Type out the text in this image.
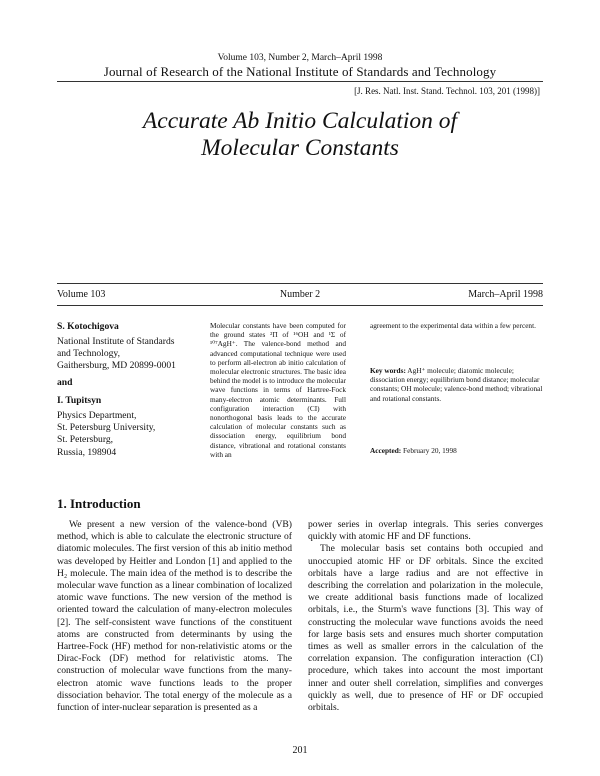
Volume 103, Number 2, March–April 1998
Journal of Research of the National Institute of Standards and Technology
[J. Res. Natl. Inst. Stand. Technol. 103, 201 (1998)]
Accurate Ab Initio Calculation of
Molecular Constants
Volume 103	Number 2	March–April 1998
S. Kotochigova
National Institute of Standards
and Technology,
Gaithersburg, MD 20899-0001
and
I. Tupitsyn
Physics Department,
St. Petersburg University,
St. Petersburg,
Russia, 198904
Molecular constants have been computed for the ground states ²Π of ¹⁶OH and ¹Σ of ¹⁰⁷AgH⁺. The valence-bond method and advanced computational technique were used to perform all-electron ab initio calculation of molecular electronic structures. The basic idea behind the model is to introduce the molecular wave functions in terms of Hartree-Fock many-electron atomic determinants. Full configuration interaction (CI) with nonorthogonal basis leads to the accurate calculation of molecular constants such as dissociation energy, equilibrium bond distance, vibrational and rotational constants with an
agreement to the experimental data within a few percent.
Key words: AgH⁺ molecule; diatomic molecule; dissociation energy; equilibrium bond distance; molecular constants; OH molecule; valence-bond method; vibrational and rotational constants.
Accepted: February 20, 1998
1. Introduction

We present a new version of the valence-bond (VB) method, which is able to calculate the electronic structure of diatomic molecules. The first version of this ab initio method was developed by Heitler and London [1] and applied to the H₂ molecule. The main idea of the method is to describe the molecular wave function as a linear combination of localized atomic wave functions. The new version of the method is oriented toward the calculation of many-electron molecules [2]. The self-consistent wave functions of the constituent atoms are constructed from determinants by using the Hartree-Fock (HF) method for non-relativistic atoms or the Dirac-Fock (DF) method for relativistic atoms. The construction of molecular wave functions from the many-electron atomic wave functions leads to the proper dissociation behavior. The total energy of the molecule as a function of inter-nuclear separation is presented as a

power series in overlap integrals. This series converges quickly with atomic HF and DF functions.

The molecular basis set contains both occupied and unoccupied atomic HF or DF orbitals. Since the excited orbitals have a large radius and are not effective in describing the correlation and polarization in the molecule, we create additional basis functions made of localized orbitals, i.e., the Sturm's wave functions [3]. This way of constructing the molecular wave functions avoids the need for large basis sets and ensures much shorter computation times as well as smaller errors in the calculation of the correlation expansion. The configuration interaction (CI) procedure, which takes into account the most important inner and outer shell correlation, simplifies and converges quickly as well, due to presence of HF or DF occupied orbitals.

201
